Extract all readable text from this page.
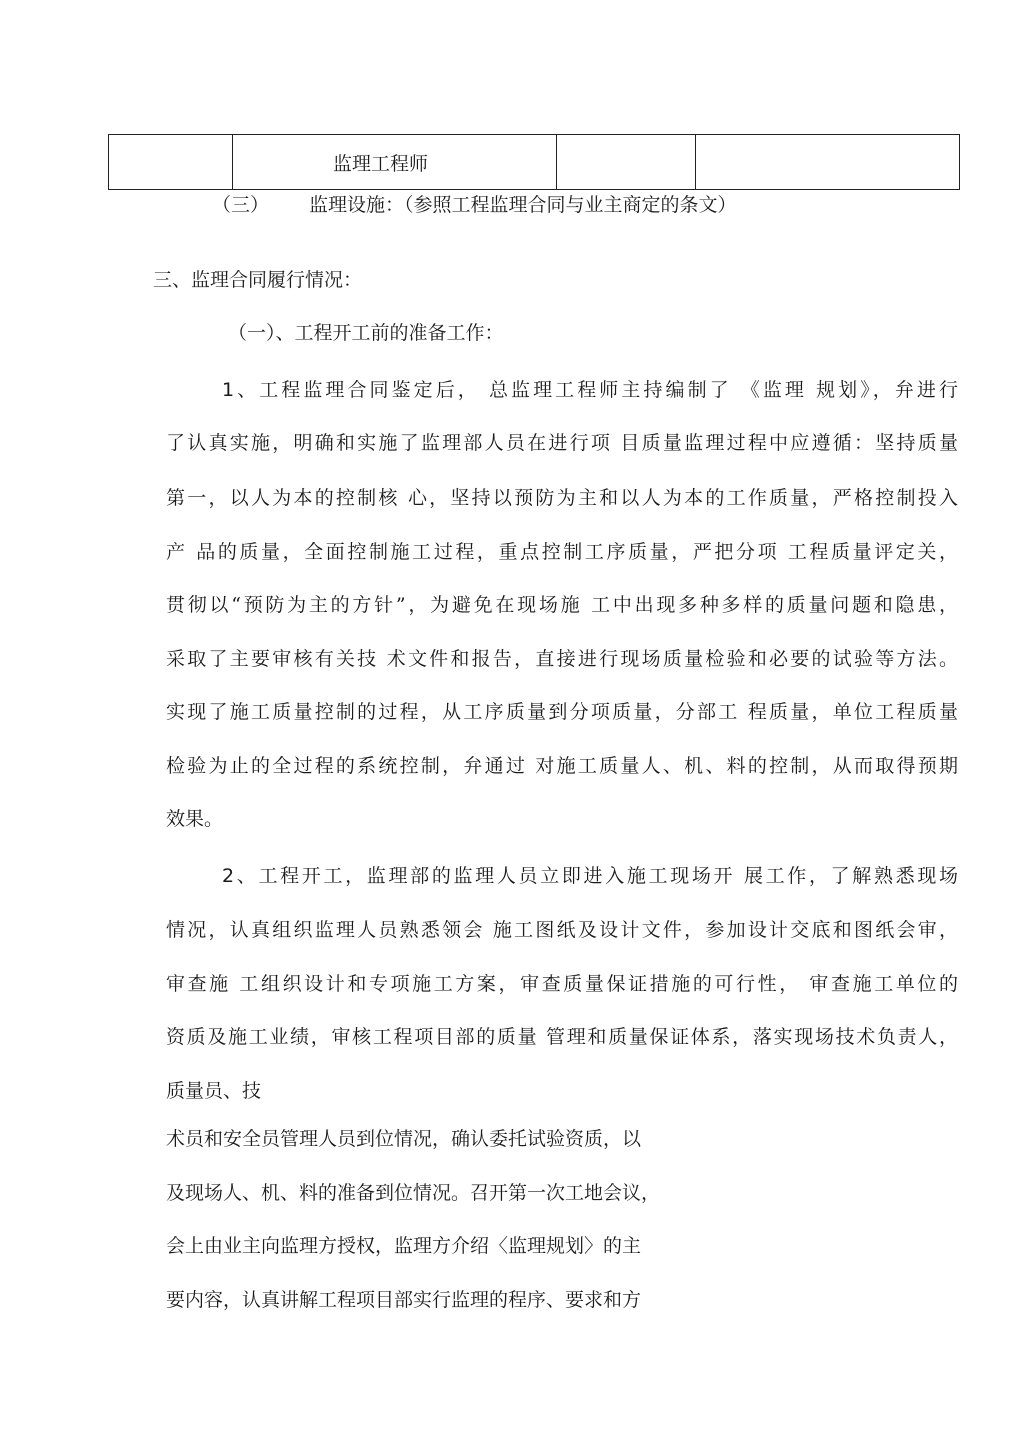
	监理工程师		
（三） 监理设施：（参照工程监理合同与业主商定的条文）
三、监理合同履行情况：
（一）、工程开工前的准备工作：
1、工程监理合同鉴定后， 总监理工程师主持编制了 《监理 规划》，弁进行
了认真实施，明确和实施了监理部人员在进行项 目质量监理过程中应遵循：坚持质量
第一，以人为本的控制核 心，坚持以预防为主和以人为本的工作质量，严格控制投入
产 品的质量，全面控制施工过程，重点控制工序质量，严把分项 工程质量评定关，
贯彻以“预防为主的方针”，为避免在现场施 工中出现多种多样的质量问题和隐患，
采取了主要审核有关技 术文件和报告，直接进行现场质量检验和必要的试验等方法。
实现了施工质量控制的过程，从工序质量到分项质量，分部工 程质量，单位工程质量
检验为止的全过程的系统控制，弁通过 对施工质量人、机、料的控制，从而取得预期
效果。
2、工程开工，监理部的监理人员立即进入施工现场开 展工作，了解熟悉现场
情况，认真组织监理人员熟悉领会 施工图纸及设计文件，参加设计交底和图纸会审，
审查施 工组织设计和专项施工方案，审查质量保证措施的可行性， 审查施工单位的
资质及施工业绩，审核工程项目部的质量 管理和质量保证体系，落实现场技术负责人，
质量员、技
术员和安全员管理人员到位情况，确认委托试验资质，以
及现场人、机、料的准备到位情况。召开第一次工地会议，
会上由业主向监理方授权，监理方介绍〈监理规划〉的主
要内容，认真讲解工程项目部实行监理的程序、要求和方
